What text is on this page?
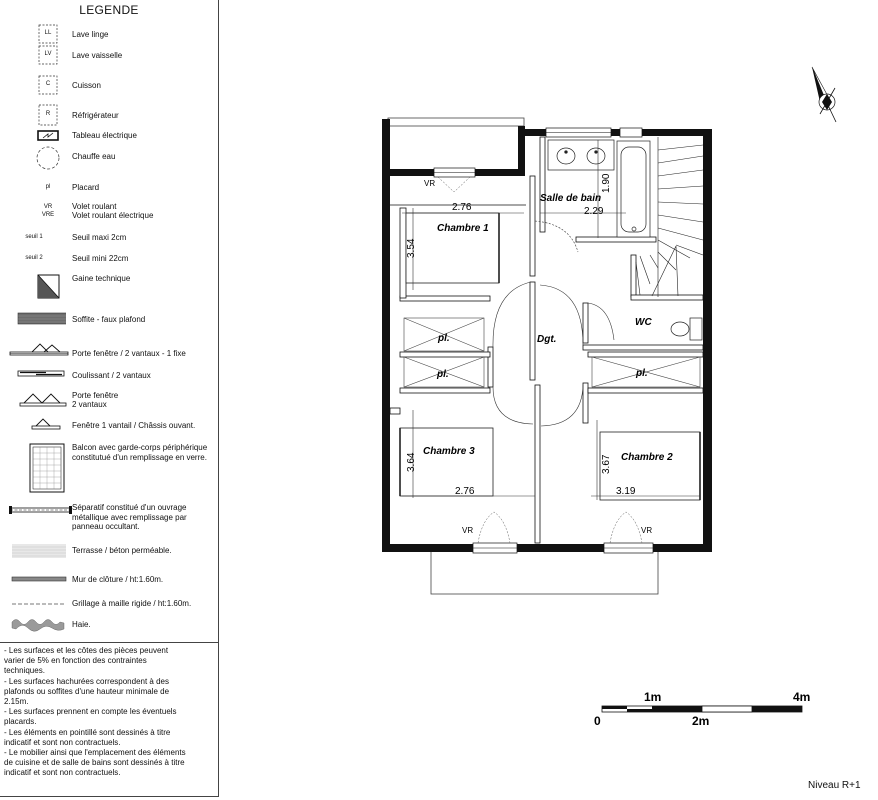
LEGENDE
LL	Lave linge
LV	Lave vaisselle
C	Cuisson
R	Réfrigérateur
Tableau électrique
Chauffe eau
pl	Placard
VR
VRE
Volet roulant
Volet roulant électrique
seuil 1	Seuil maxi 2cm
seuil 2	Seuil mini 22cm
Gaine technique
Soffite - faux plafond
Porte fenêtre / 2 vantaux - 1 fixe
Coulissant / 2 vantaux
Porte fenêtre
2 vantaux
Fenêtre 1 vantail / Châssis ouvant.
Balcon avec garde-corps périphérique
constitutué d'un remplissage en verre.
Séparatif constitué d'un ouvrage
métallique avec remplissage par
panneau occultant.
Terrasse / béton perméable.
Mur de clôture / ht:1.60m.
Grillage à maille rigide / ht:1.60m.
Haie.
- Les surfaces et les côtes des pièces peuvent
varier de 5% en fonction des contraintes
techniques.
- Les surfaces hachurées correspondent à des
plafonds ou soffites d'une hauteur minimale de
2.15m.
- Les surfaces prennent en compte les éventuels
placards.
- Les éléments en pointillé sont dessinés à titre
indicatif et sont non contractuels.
- Le mobilier ainsi que l'emplacement des éléments
de cuisine et de salle de bains sont dessinés à titre
indicatif et sont non contractuels.
Chambre 1
Salle de bain
WC
Dgt.
pl.
pl.	pl.
Chambre 3
Chambre 2
VR
VR	VR
2.76	2.29
3.54
1.90
2.76	3.19
3.64	3.67
0
1m
2m
4m
Niveau R+1
